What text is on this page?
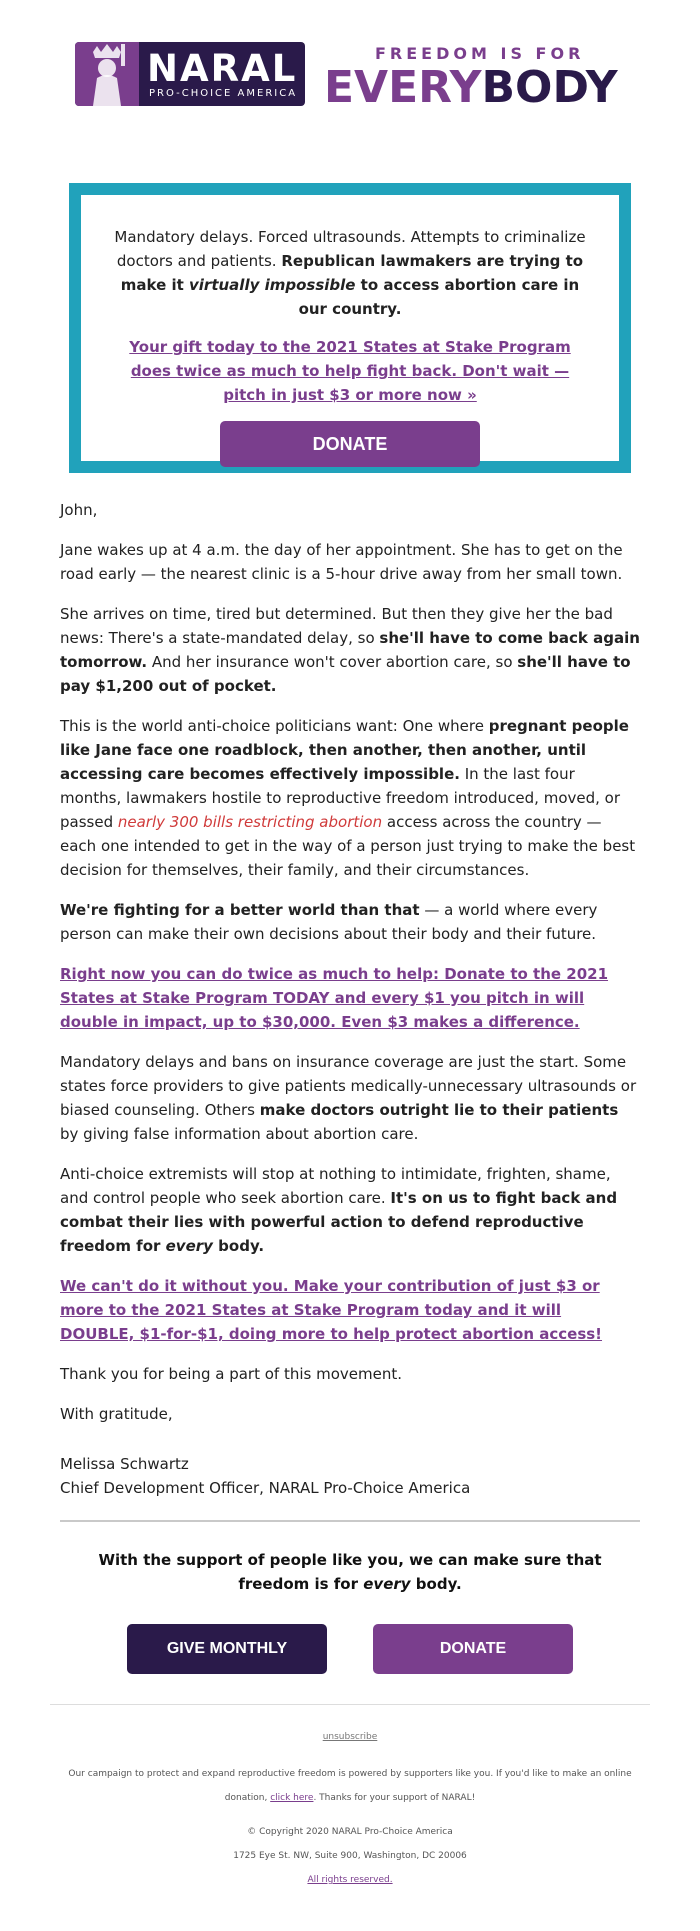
NARAL
PRO-CHOICE AMERICA
FREEDOM IS FOR
EVERYBODY

Mandatory delays. Forced ultrasounds. Attempts to criminalize doctors and patients. Republican lawmakers are trying to make it virtually impossible to access abortion care in our country.

Your gift today to the 2021 States at Stake Program does twice as much to help fight back. Don't wait — pitch in just $3 or more now »
DONATE

John,

Jane wakes up at 4 a.m. the day of her appointment. She has to get on the road early — the nearest clinic is a 5-hour drive away from her small town.

She arrives on time, tired but determined. But then they give her the bad news: There's a state-mandated delay, so she'll have to come back again tomorrow. And her insurance won't cover abortion care, so she'll have to pay $1,200 out of pocket.

This is the world anti-choice politicians want: One where pregnant people like Jane face one roadblock, then another, then another, until accessing care becomes effectively impossible. In the last four months, lawmakers hostile to reproductive freedom introduced, moved, or passed nearly 300 bills restricting abortion access across the country — each one intended to get in the way of a person just trying to make the best decision for themselves, their family, and their circumstances.

We're fighting for a better world than that — a world where every person can make their own decisions about their body and their future.

Right now you can do twice as much to help: Donate to the 2021 States at Stake Program TODAY and every $1 you pitch in will double in impact, up to $30,000. Even $3 makes a difference.

Mandatory delays and bans on insurance coverage are just the start. Some states force providers to give patients medically-unnecessary ultrasounds or biased counseling. Others make doctors outright lie to their patients by giving false information about abortion care.

Anti-choice extremists will stop at nothing to intimidate, frighten, shame, and control people who seek abortion care. It's on us to fight back and combat their lies with powerful action to defend reproductive freedom for every body.

We can't do it without you. Make your contribution of just $3 or more to the 2021 States at Stake Program today and it will DOUBLE, $1-for-$1, doing more to help protect abortion access!

Thank you for being a part of this movement.

With gratitude,

Melissa Schwartz
Chief Development Officer, NARAL Pro-Choice America

With the support of people like you, we can make sure that freedom is for every body.

GIVE MONTHLY	DONATE
unsubscribe

Our campaign to protect and expand reproductive freedom is powered by supporters like you. If you'd like to make an online donation, click here. Thanks for your support of NARAL!

© Copyright 2020 NARAL Pro-Choice America
1725 Eye St. NW, Suite 900, Washington, DC 20006
All rights reserved.
